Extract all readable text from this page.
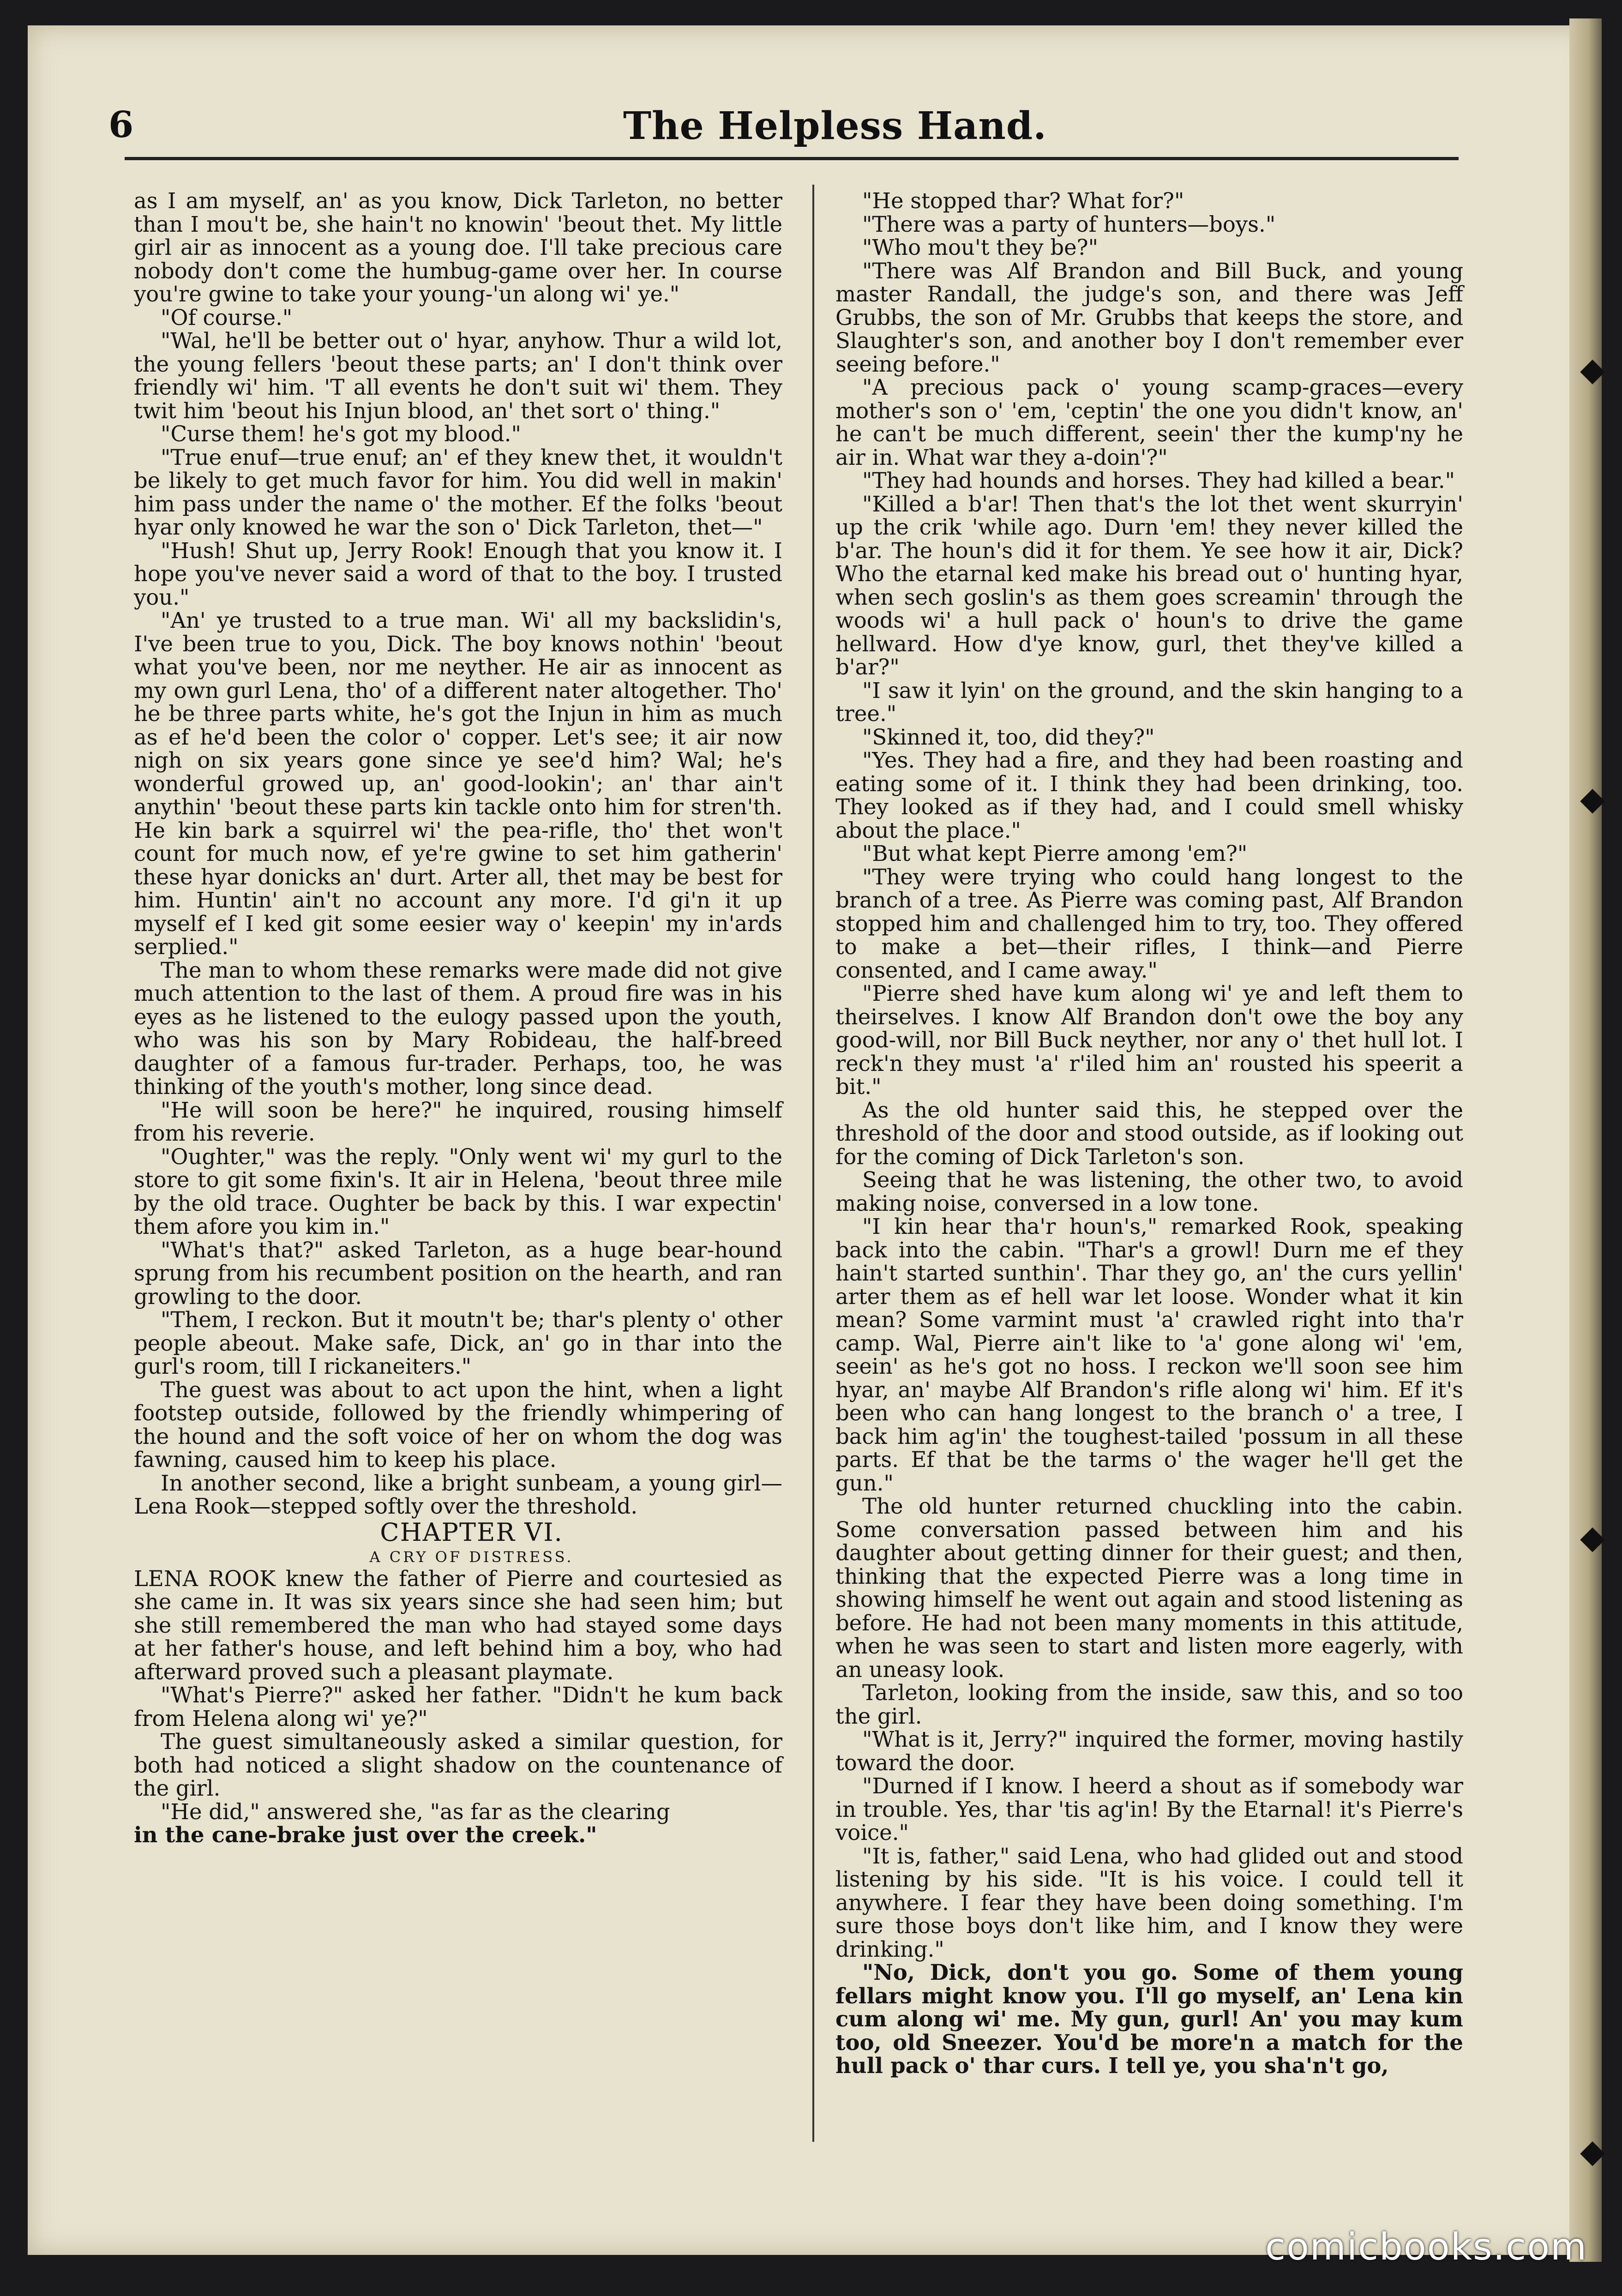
◆
◆
◆
◆
6	The Helpless Hand.

as I am myself, an' as you know, Dick Tarleton, no better than I mou't be, she hain't no knowin' 'beout thet. My little girl air as innocent as a young doe. I'll take precious care nobody don't come the humbug-game over her. In course you're gwine to take your young-'un along wi' ye."

"Of course."

"Wal, he'll be better out o' hyar, anyhow. Thur a wild lot, the young fellers 'beout these parts; an' I don't think over friendly wi' him. 'T all events he don't suit wi' them. They twit him 'beout his Injun blood, an' thet sort o' thing."

"Curse them! he's got my blood."

"True enuf—true enuf; an' ef they knew thet, it wouldn't be likely to get much favor for him. You did well in makin' him pass under the name o' the mother. Ef the folks 'beout hyar only knowed he war the son o' Dick Tarleton, thet—"

"Hush! Shut up, Jerry Rook! Enough that you know it. I hope you've never said a word of that to the boy. I trusted you."

"An' ye trusted to a true man. Wi' all my backslidin's, I've been true to you, Dick. The boy knows nothin' 'beout what you've been, nor me neyther. He air as innocent as my own gurl Lena, tho' of a different nater altogether. Tho' he be three parts white, he's got the Injun in him as much as ef he'd been the color o' copper. Let's see; it air now nigh on six years gone since ye see'd him? Wal; he's wonderful growed up, an' good-lookin'; an' thar ain't anythin' 'beout these parts kin tackle onto him for stren'th. He kin bark a squirrel wi' the pea-rifle, tho' thet won't count for much now, ef ye're gwine to set him gatherin' these hyar donicks an' durt. Arter all, thet may be best for him. Huntin' ain't no account any more. I'd gi'n it up myself ef I ked git some eesier way o' keepin' my in'ards serplied."

The man to whom these remarks were made did not give much attention to the last of them. A proud fire was in his eyes as he listened to the eulogy passed upon the youth, who was his son by Mary Robideau, the half-breed daughter of a famous fur-trader. Perhaps, too, he was thinking of the youth's mother, long since dead.

"He will soon be here?" he inquired, rousing himself from his reverie.

"Oughter," was the reply. "Only went wi' my gurl to the store to git some fixin's. It air in Helena, 'beout three mile by the old trace. Oughter be back by this. I war expectin' them afore you kim in."

"What's that?" asked Tarleton, as a huge bear-hound sprung from his recumbent position on the hearth, and ran growling to the door.

"Them, I reckon. But it moutn't be; thar's plenty o' other people abeout. Make safe, Dick, an' go in thar into the gurl's room, till I rickaneiters."

The guest was about to act upon the hint, when a light footstep outside, followed by the friendly whimpering of the hound and the soft voice of her on whom the dog was fawning, caused him to keep his place.

In another second, like a bright sunbeam, a young girl—Lena Rook—stepped softly over the threshold.

CHAPTER VI.

A CRY OF DISTRESS.

LENA ROOK knew the father of Pierre and courtesied as she came in. It was six years since she had seen him; but she still remembered the man who had stayed some days at her father's house, and left behind him a boy, who had afterward proved such a pleasant playmate.

"What's Pierre?" asked her father. "Didn't he kum back from Helena along wi' ye?"

The guest simultaneously asked a similar question, for both had noticed a slight shadow on the countenance of the girl.

"He did," answered she, "as far as the clearing

in the cane-brake just over the creek."

"He stopped thar? What for?"

"There was a party of hunters—boys."

"Who mou't they be?"

"There was Alf Brandon and Bill Buck, and young master Randall, the judge's son, and there was Jeff Grubbs, the son of Mr. Grubbs that keeps the store, and Slaughter's son, and another boy I don't remember ever seeing before."

"A precious pack o' young scamp-graces—every mother's son o' 'em, 'ceptin' the one you didn't know, an' he can't be much different, seein' ther the kump'ny he air in. What war they a-doin'?"

"They had hounds and horses. They had killed a bear."

"Killed a b'ar! Then that's the lot thet went skurryin' up the crik 'while ago. Durn 'em! they never killed the b'ar. The houn's did it for them. Ye see how it air, Dick? Who the etarnal ked make his bread out o' hunting hyar, when sech goslin's as them goes screamin' through the woods wi' a hull pack o' houn's to drive the game hellward. How d'ye know, gurl, thet they've killed a b'ar?"

"I saw it lyin' on the ground, and the skin hanging to a tree."

"Skinned it, too, did they?"

"Yes. They had a fire, and they had been roasting and eating some of it. I think they had been drinking, too. They looked as if they had, and I could smell whisky about the place."

"But what kept Pierre among 'em?"

"They were trying who could hang longest to the branch of a tree. As Pierre was coming past, Alf Brandon stopped him and challenged him to try, too. They offered to make a bet—their rifles, I think—and Pierre consented, and I came away."

"Pierre shed have kum along wi' ye and left them to theirselves. I know Alf Brandon don't owe the boy any good-will, nor Bill Buck neyther, nor any o' thet hull lot. I reck'n they must 'a' r'iled him an' rousted his speerit a bit."

As the old hunter said this, he stepped over the threshold of the door and stood outside, as if looking out for the coming of Dick Tarleton's son.

Seeing that he was listening, the other two, to avoid making noise, conversed in a low tone.

"I kin hear tha'r houn's," remarked Rook, speaking back into the cabin. "Thar's a growl! Durn me ef they hain't started sunthin'. Thar they go, an' the curs yellin' arter them as ef hell war let loose. Wonder what it kin mean? Some varmint must 'a' crawled right into tha'r camp. Wal, Pierre ain't like to 'a' gone along wi' 'em, seein' as he's got no hoss. I reckon we'll soon see him hyar, an' maybe Alf Brandon's rifle along wi' him. Ef it's been who can hang longest to the branch o' a tree, I back him ag'in' the toughest-tailed 'possum in all these parts. Ef that be the tarms o' the wager he'll get the gun."

The old hunter returned chuckling into the cabin. Some conversation passed between him and his daughter about getting dinner for their guest; and then, thinking that the expected Pierre was a long time in showing himself he went out again and stood listening as before. He had not been many moments in this attitude, when he was seen to start and listen more eagerly, with an uneasy look.

Tarleton, looking from the inside, saw this, and so too the girl.

"What is it, Jerry?" inquired the former, moving hastily toward the door.

"Durned if I know. I heerd a shout as if somebody war in trouble. Yes, thar 'tis ag'in! By the Etarnal! it's Pierre's voice."

"It is, father," said Lena, who had glided out and stood listening by his side. "It is his voice. I could tell it anywhere. I fear they have been doing something. I'm sure those boys don't like him, and I know they were drinking."

"No, Dick, don't you go. Some of them young fellars might know you. I'll go myself, an' Lena kin cum along wi' me. My gun, gurl! An' you may kum too, old Sneezer. You'd be more'n a match for the hull pack o' thar curs. I tell ye, you sha'n't go,

comicbooks.com
